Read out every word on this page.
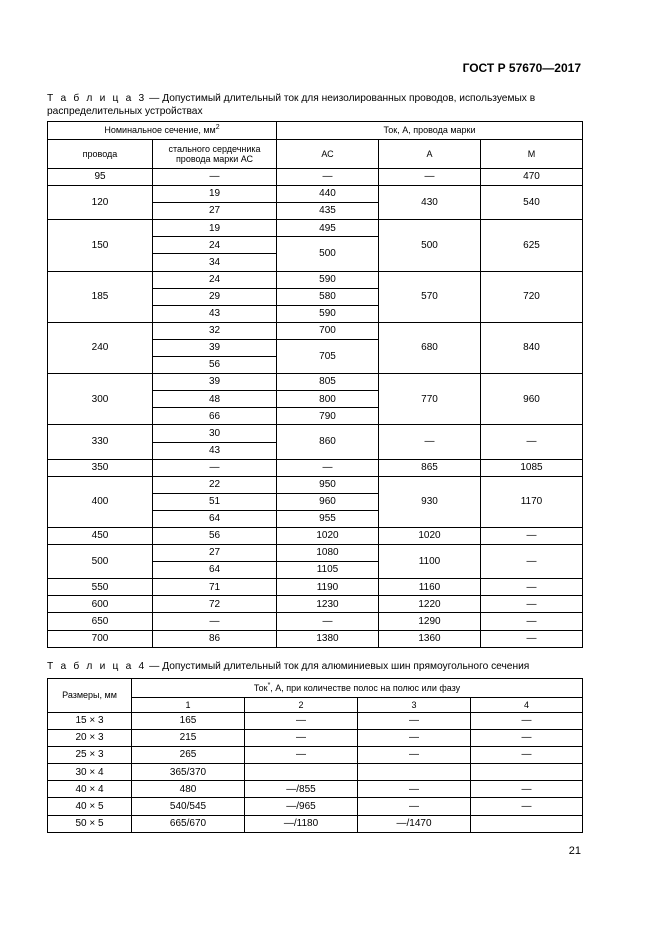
ГОСТ Р 57670—2017
Т а б л и ц а 3 — Допустимый длительный ток для неизолированных проводов, используемых в распределительных устройствах
Номинальное сечение, $мм^2$		Ток, А, провода марки		
провода	стального сердечника провода марки АС	АС	А	М
95	—	—	—	470
120	19	440	430	540
	27	435		
150	19	495	500	625
	24	500		
	34			
185	24	590	570	720
	29	580		
	43	590		
240	32	700	680	840
	39	705		
	56			
300	39	805	770	960
	48	800		
	66	790		
330	30	860	—	—
	43			
350	—	—	865	1085
400	22	950	930	1170
	51	960		
	64	955		
450	56	1020	1020	—
500	27	1080	1100	—
	64	1105		
550	71	1190	1160	—
600	72	1230	1220	—
650	—	—	1290	—
700	86	1380	1360	—
Т а б л и ц а 4 — Допустимый длительный ток для алюминиевых шин прямоугольного сечения
Размеры, мм	Ток*, А, при количестве полос на полюс или фазу			
	1	2	3	4
15 × 3	165	—	—	—
20 × 3	215	—	—	—
25 × 3	265	—	—	—
30 × 4	365/370			
40 × 4	480	—/855	—	—
40 × 5	540/545	—/965	—	—
50 × 5	665/670	—/1180	—/1470	
21
